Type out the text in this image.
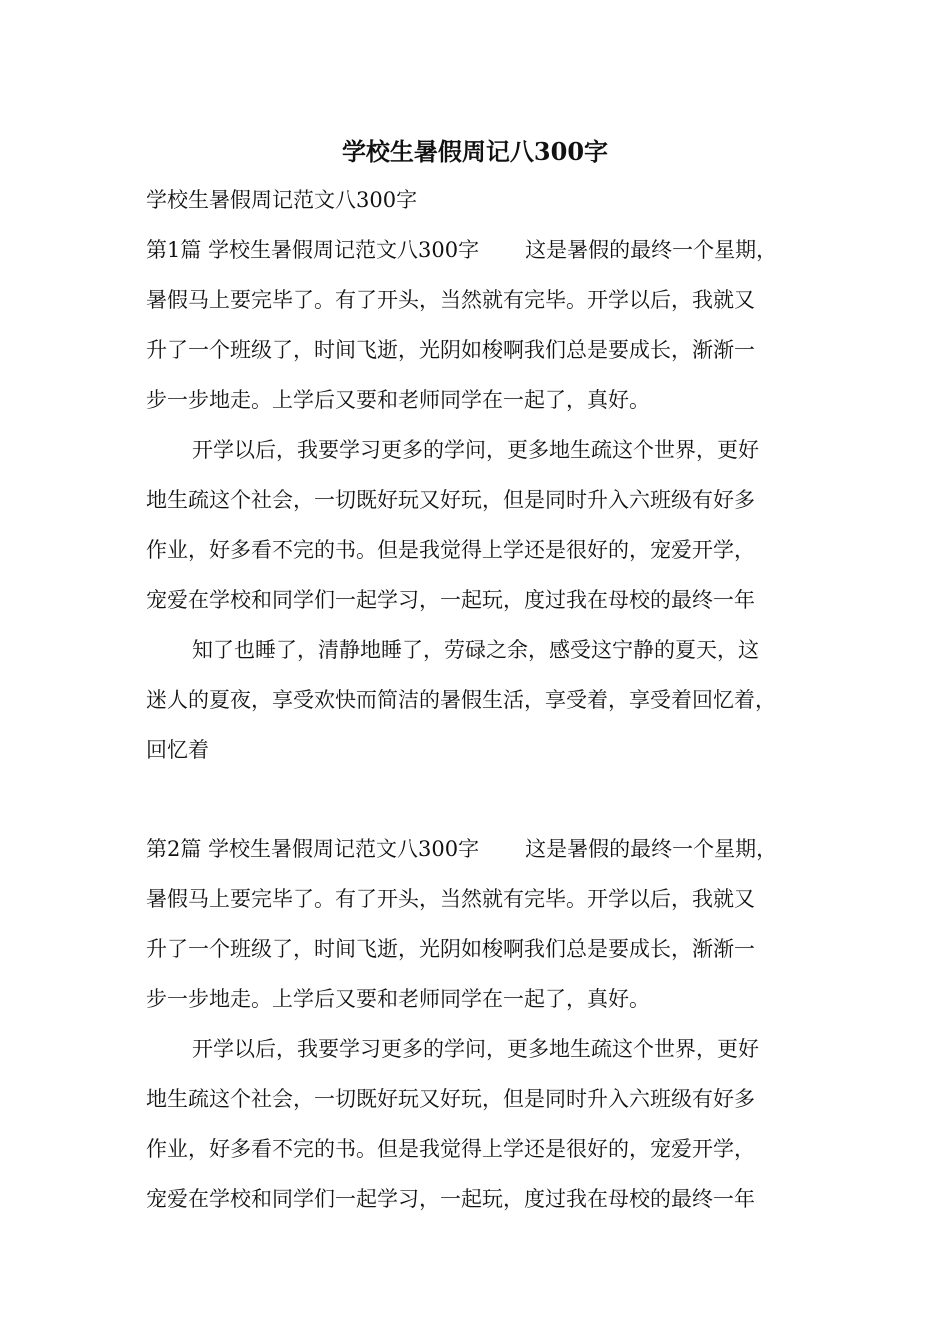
学校生暑假周记八300字

学校生暑假周记范文八300字

第1篇 学校生暑假周记范文八300字 这是暑假的最终一个星期，

暑假马上要完毕了。有了开头，当然就有完毕。开学以后，我就又

升了一个班级了，时间飞逝，光阴如梭啊我们总是要成长，渐渐一

步一步地走。上学后又要和老师同学在一起了，真好。

开学以后，我要学习更多的学问，更多地生疏这个世界，更好

地生疏这个社会，一切既好玩又好玩，但是同时升入六班级有好多

作业，好多看不完的书。但是我觉得上学还是很好的，宠爱开学，

宠爱在学校和同学们一起学习，一起玩，度过我在母校的最终一年

知了也睡了，清静地睡了，劳碌之余，感受这宁静的夏天，这

迷人的夏夜，享受欢快而简洁的暑假生活，享受着，享受着回忆着，

回忆着

第2篇 学校生暑假周记范文八300字 这是暑假的最终一个星期，

暑假马上要完毕了。有了开头，当然就有完毕。开学以后，我就又

升了一个班级了，时间飞逝，光阴如梭啊我们总是要成长，渐渐一

步一步地走。上学后又要和老师同学在一起了，真好。

开学以后，我要学习更多的学问，更多地生疏这个世界，更好

地生疏这个社会，一切既好玩又好玩，但是同时升入六班级有好多

作业，好多看不完的书。但是我觉得上学还是很好的，宠爱开学，

宠爱在学校和同学们一起学习，一起玩，度过我在母校的最终一年
